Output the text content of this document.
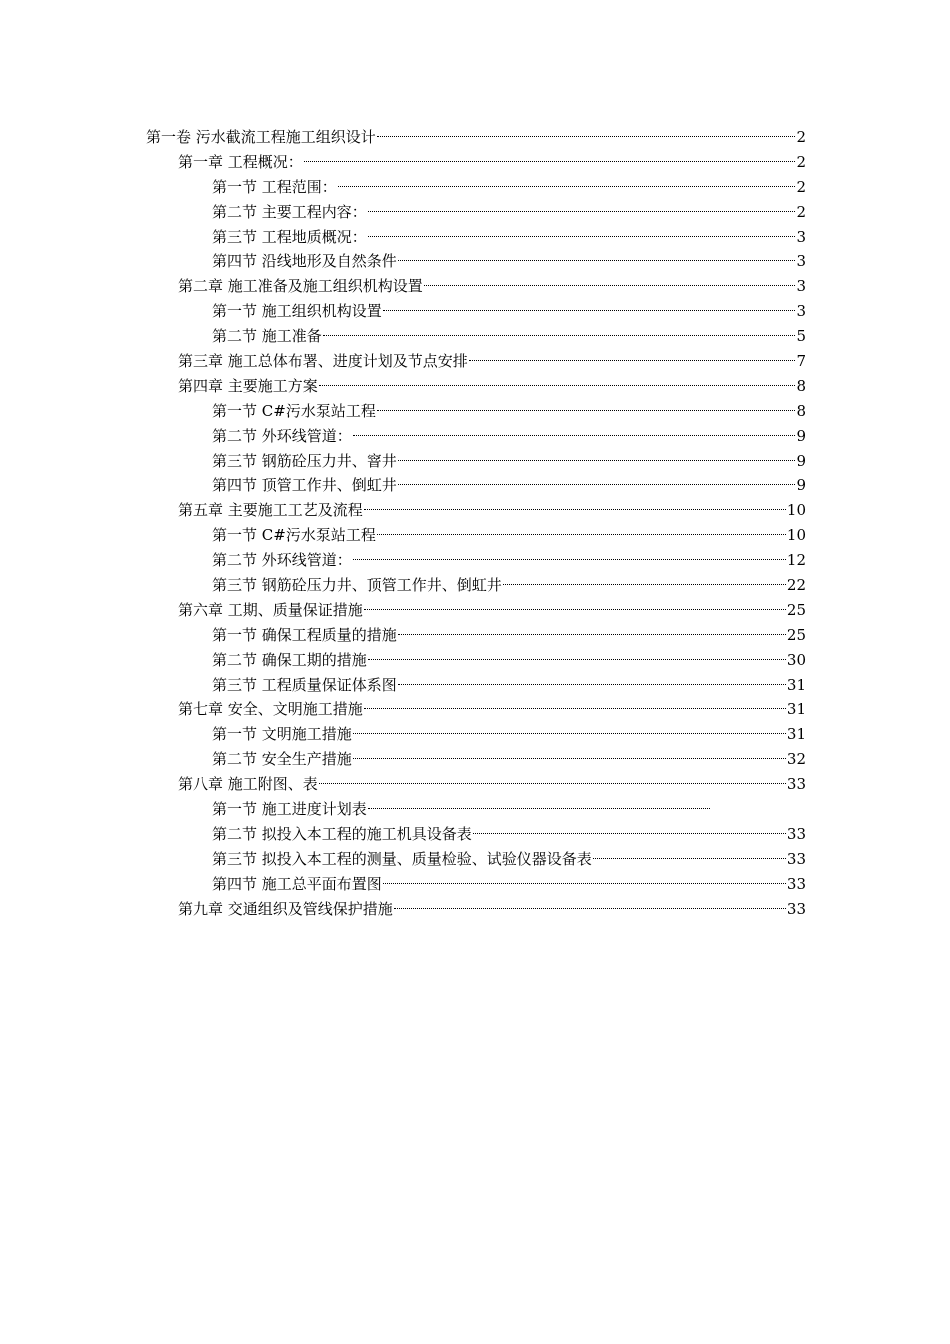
第一卷 污水截流工程施工组织设计	2
第一章 工程概况：	2
第一节 工程范围：	2
第二节 主要工程内容：	2
第三节 工程地质概况：	3
第四节 沿线地形及自然条件	3
第二章 施工准备及施工组织机构设置	3
第一节 施工组织机构设置	3
第二节 施工准备	5
第三章 施工总体布署、进度计划及节点安排	7
第四章 主要施工方案	8
第一节 C#污水泵站工程	8
第二节 外环线管道：	9
第三节 钢筋砼压力井、窨井	9
第四节 顶管工作井、倒虹井	9
第五章 主要施工工艺及流程	10
第一节 C#污水泵站工程	10
第二节 外环线管道：	12
第三节 钢筋砼压力井、顶管工作井、倒虹井	22
第六章 工期、质量保证措施	25
第一节 确保工程质量的措施	25
第二节 确保工期的措施	30
第三节 工程质量保证体系图	31
第七章 安全、文明施工措施	31
第一节 文明施工措施	31
第二节 安全生产措施	32
第八章 施工附图、表	33
第一节 施工进度计划表
第二节 拟投入本工程的施工机具设备表	33
第三节 拟投入本工程的测量、质量检验、试验仪器设备表	33
第四节 施工总平面布置图	33
第九章 交通组织及管线保护措施	33
